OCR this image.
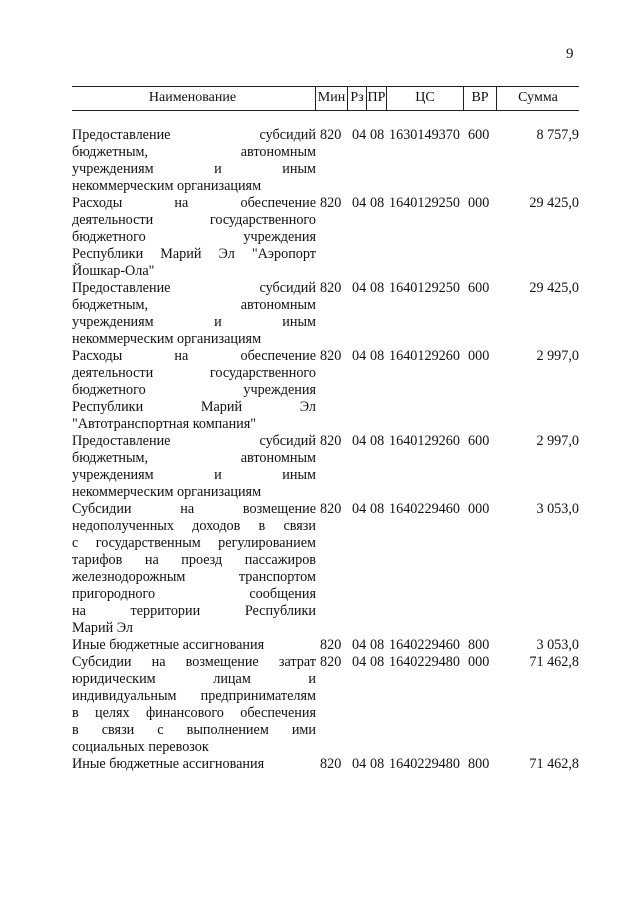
9
Наименование	Мин Рз ПР	ЦС	ВР	Сумма
Предоставление субсидий
бюджетным, автономным
учреждениям и иным
некоммерческим организациям
820 04 08 1630149370 600	8 757,9
Расходы на обеспечение
деятельности государственного
бюджетного учреждения
Республики Марий Эл "Аэропорт
Йошкар-Ола"
820 04 08 1640129250 000	29 425,0
Предоставление субсидий
бюджетным, автономным
учреждениям и иным
некоммерческим организациям
820 04 08 1640129250 600	29 425,0
Расходы на обеспечение
деятельности государственного
бюджетного учреждения
Республики Марий Эл
"Автотранспортная компания"
820 04 08 1640129260 000	2 997,0
Предоставление субсидий
бюджетным, автономным
учреждениям и иным
некоммерческим организациям
820 04 08 1640129260 600	2 997,0
Субсидии на возмещение
недополученных доходов в связи
с государственным регулированием
тарифов на проезд пассажиров
железнодорожным транспортом
пригородного сообщения
на территории Республики
Марий Эл
820 04 08 1640229460 000	3 053,0
Иные бюджетные ассигнования	820 04 08 1640229460 800	3 053,0
Субсидии на возмещение затрат
юридическим лицам и
индивидуальным предпринимателям
в целях финансового обеспечения
в связи с выполнением ими
социальных перевозок
820 04 08 1640229480 000	71 462,8
Иные бюджетные ассигнования	820 04 08 1640229480 800	71 462,8
